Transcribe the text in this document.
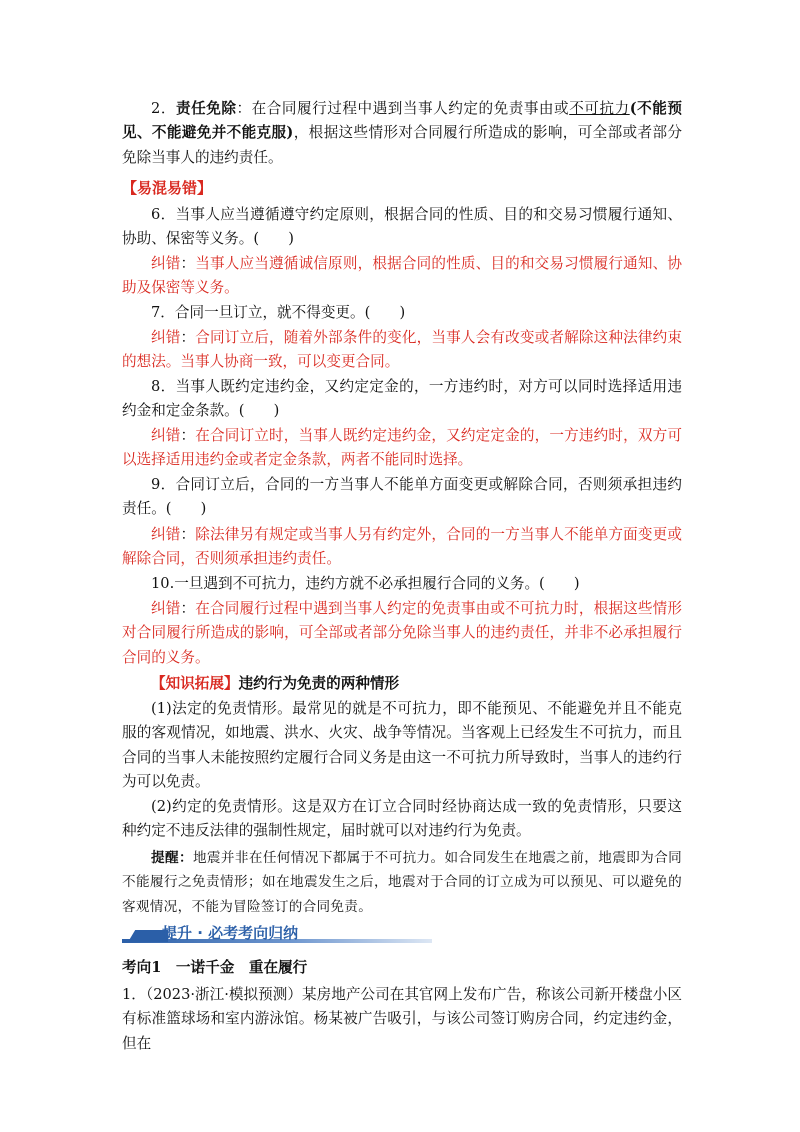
2．责任免除：在合同履行过程中遇到当事人约定的免责事由或不可抗力(不能预见、不能避免并不能克服)，根据这些情形对合同履行所造成的影响，可全部或者部分免除当事人的违约责任。

【易混易错】

6．当事人应当遵循遵守约定原则，根据合同的性质、目的和交易习惯履行通知、协助、保密等义务。(　　)

纠错：当事人应当遵循诚信原则，根据合同的性质、目的和交易习惯履行通知、协助及保密等义务。

7．合同一旦订立，就不得变更。(　　)

纠错：合同订立后，随着外部条件的变化，当事人会有改变或者解除这种法律约束的想法。当事人协商一致，可以变更合同。

8．当事人既约定违约金，又约定定金的，一方违约时，对方可以同时选择适用违约金和定金条款。(　　)

纠错：在合同订立时，当事人既约定违约金，又约定定金的，一方违约时，双方可以选择适用违约金或者定金条款，两者不能同时选择。

9．合同订立后，合同的一方当事人不能单方面变更或解除合同，否则须承担违约责任。(　　)

纠错：除法律另有规定或当事人另有约定外，合同的一方当事人不能单方面变更或解除合同，否则须承担违约责任。

10.一旦遇到不可抗力，违约方就不必承担履行合同的义务。(　　)

纠错：在合同履行过程中遇到当事人约定的免责事由或不可抗力时，根据这些情形对合同履行所造成的影响，可全部或者部分免除当事人的违约责任，并非不必承担履行合同的义务。

【知识拓展】违约行为免责的两种情形

(1)法定的免责情形。最常见的就是不可抗力，即不能预见、不能避免并且不能克服的客观情况，如地震、洪水、火灾、战争等情况。当客观上已经发生不可抗力，而且合同的当事人未能按照约定履行合同义务是由这一不可抗力所导致时，当事人的违约行为可以免责。

(2)约定的免责情形。这是双方在订立合同时经协商达成一致的免责情形，只要这种约定不违反法律的强制性规定，届时就可以对违约行为免责。

提醒：地震并非在任何情况下都属于不可抗力。如合同发生在地震之前，地震即为合同不能履行之免责情形；如在地震发生之后，地震对于合同的订立成为可以预见、可以避免的客观情况，不能为冒险签订的合同免责。

提升 · 必考考向归纳

考向1　一诺千金　重在履行

1．（2023·浙江·模拟预测）某房地产公司在其官网上发布广告，称该公司新开楼盘小区有标准篮球场和室内游泳馆。杨某被广告吸引，与该公司签订购房合同，约定违约金，但在
